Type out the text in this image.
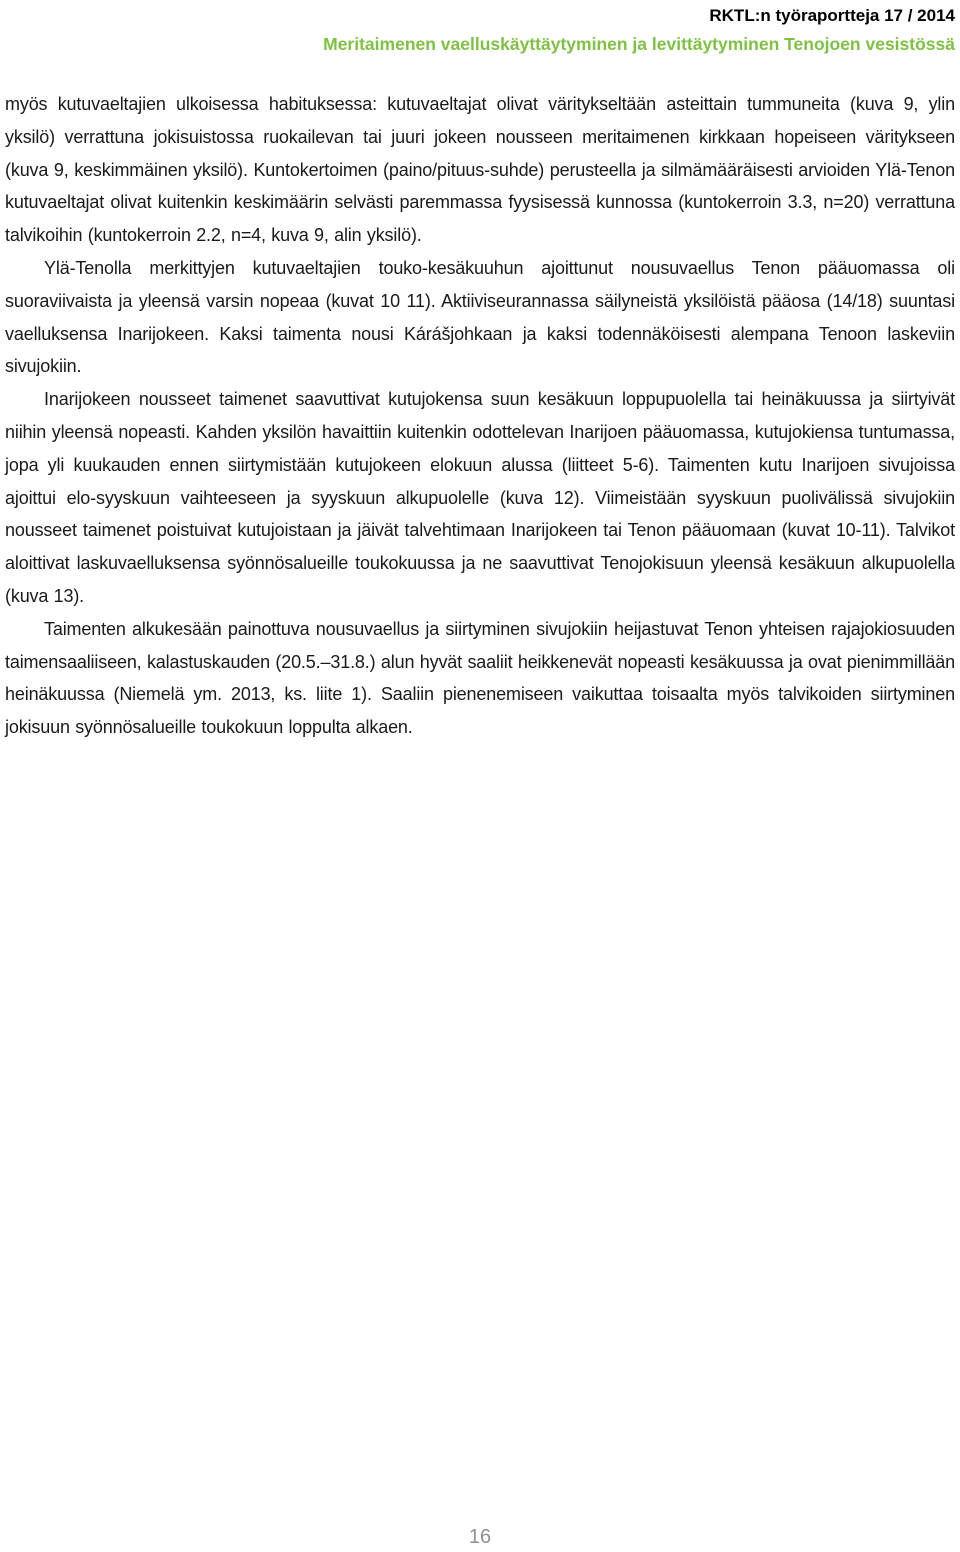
RKTL:n työraportteja 17 / 2014
Meritaimenen vaelluskäyttäytyminen ja levittäytyminen Tenojoen vesistössä

myös kutuvaeltajien ulkoisessa habituksessa: kutuvaeltajat olivat väritykseltään asteittain tummuneita (kuva 9, ylin yksilö) verrattuna jokisuistossa ruokailevan tai juuri jokeen nousseen meritaimenen kirkkaan hopeiseen väritykseen (kuva 9, keskimmäinen yksilö). Kuntokertoimen (paino/pituus-suhde) perusteella ja silmämääräisesti arvioiden Ylä-Tenon kutuvaeltajat olivat kuitenkin keskimäärin selvästi paremmassa fyysisessä kunnossa (kuntokerroin 3.3, n=20) verrattuna talvikoihin (kuntokerroin 2.2, n=4, kuva 9, alin yksilö).

Ylä-Tenolla merkittyjen kutuvaeltajien touko-kesäkuuhun ajoittunut nousuvaellus Tenon pääuomassa oli suoraviivaista ja yleensä varsin nopeaa (kuvat 10 11). Aktiiviseurannassa säilyneistä yksilöistä pääosa (14/18) suuntasi vaelluksensa Inarijokeen. Kaksi taimenta nousi Kárášjohkaan ja kaksi todennäköisesti alempana Tenoon laskeviin sivujokiin.

Inarijokeen nousseet taimenet saavuttivat kutujokensa suun kesäkuun loppupuolella tai heinäkuussa ja siirtyivät niihin yleensä nopeasti. Kahden yksilön havaittiin kuitenkin odottelevan Inarijoen pääuomassa, kutujokiensa tuntumassa, jopa yli kuukauden ennen siirtymistään kutujokeen elokuun alussa (liitteet 5-6). Taimenten kutu Inarijoen sivujoissa ajoittui elo-syyskuun vaihteeseen ja syyskuun alkupuolelle (kuva 12). Viimeistään syyskuun puolivälissä sivujokiin nousseet taimenet poistuivat kutujoistaan ja jäivät talvehtimaan Inarijokeen tai Tenon pääuomaan (kuvat 10-11). Talvikot aloittivat laskuvaelluksensa syönnösalueille toukokuussa ja ne saavuttivat Tenojokisuun yleensä kesäkuun alkupuolella (kuva 13).

Taimenten alkukesään painottuva nousuvaellus ja siirtyminen sivujokiin heijastuvat Tenon yhteisen rajajokiosuuden taimensaaliiseen, kalastuskauden (20.5.–31.8.) alun hyvät saaliit heikkenevät nopeasti kesäkuussa ja ovat pienimmillään heinäkuussa (Niemelä ym. 2013, ks. liite 1). Saaliin pienenemiseen vaikuttaa toisaalta myös talvikoiden siirtyminen jokisuun syönnösalueille toukokuun loppulta alkaen.

16
